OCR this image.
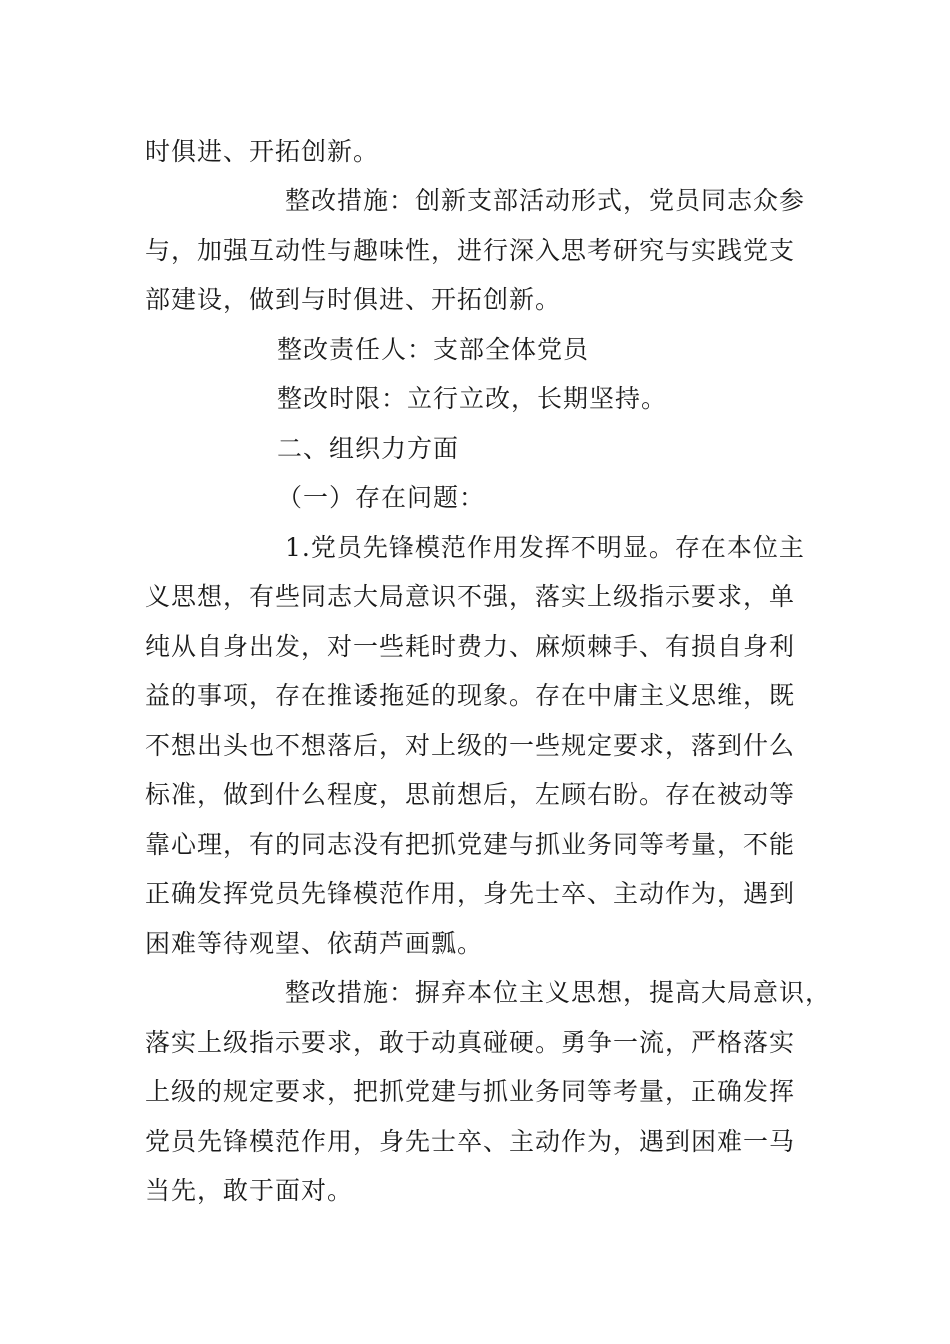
时俱进、开拓创新。
整改措施：创新支部活动形式，党员同志众参
与，加强互动性与趣味性，进行深入思考研究与实践党支
部建设，做到与时俱进、开拓创新。
整改责任人：支部全体党员
整改时限：立行立改，长期坚持。
二、组织力方面
（一）存在问题：
1.党员先锋模范作用发挥不明显。存在本位主
义思想，有些同志大局意识不强，落实上级指示要求，单
纯从自身出发，对一些耗时费力、麻烦棘手、有损自身利
益的事项，存在推诿拖延的现象。存在中庸主义思维，既
不想出头也不想落后，对上级的一些规定要求，落到什么
标准，做到什么程度，思前想后，左顾右盼。存在被动等
靠心理，有的同志没有把抓党建与抓业务同等考量，不能
正确发挥党员先锋模范作用，身先士卒、主动作为，遇到
困难等待观望、依葫芦画瓢。
整改措施：摒弃本位主义思想，提高大局意识，
落实上级指示要求，敢于动真碰硬。勇争一流，严格落实
上级的规定要求，把抓党建与抓业务同等考量，正确发挥
党员先锋模范作用，身先士卒、主动作为，遇到困难一马
当先，敢于面对。
